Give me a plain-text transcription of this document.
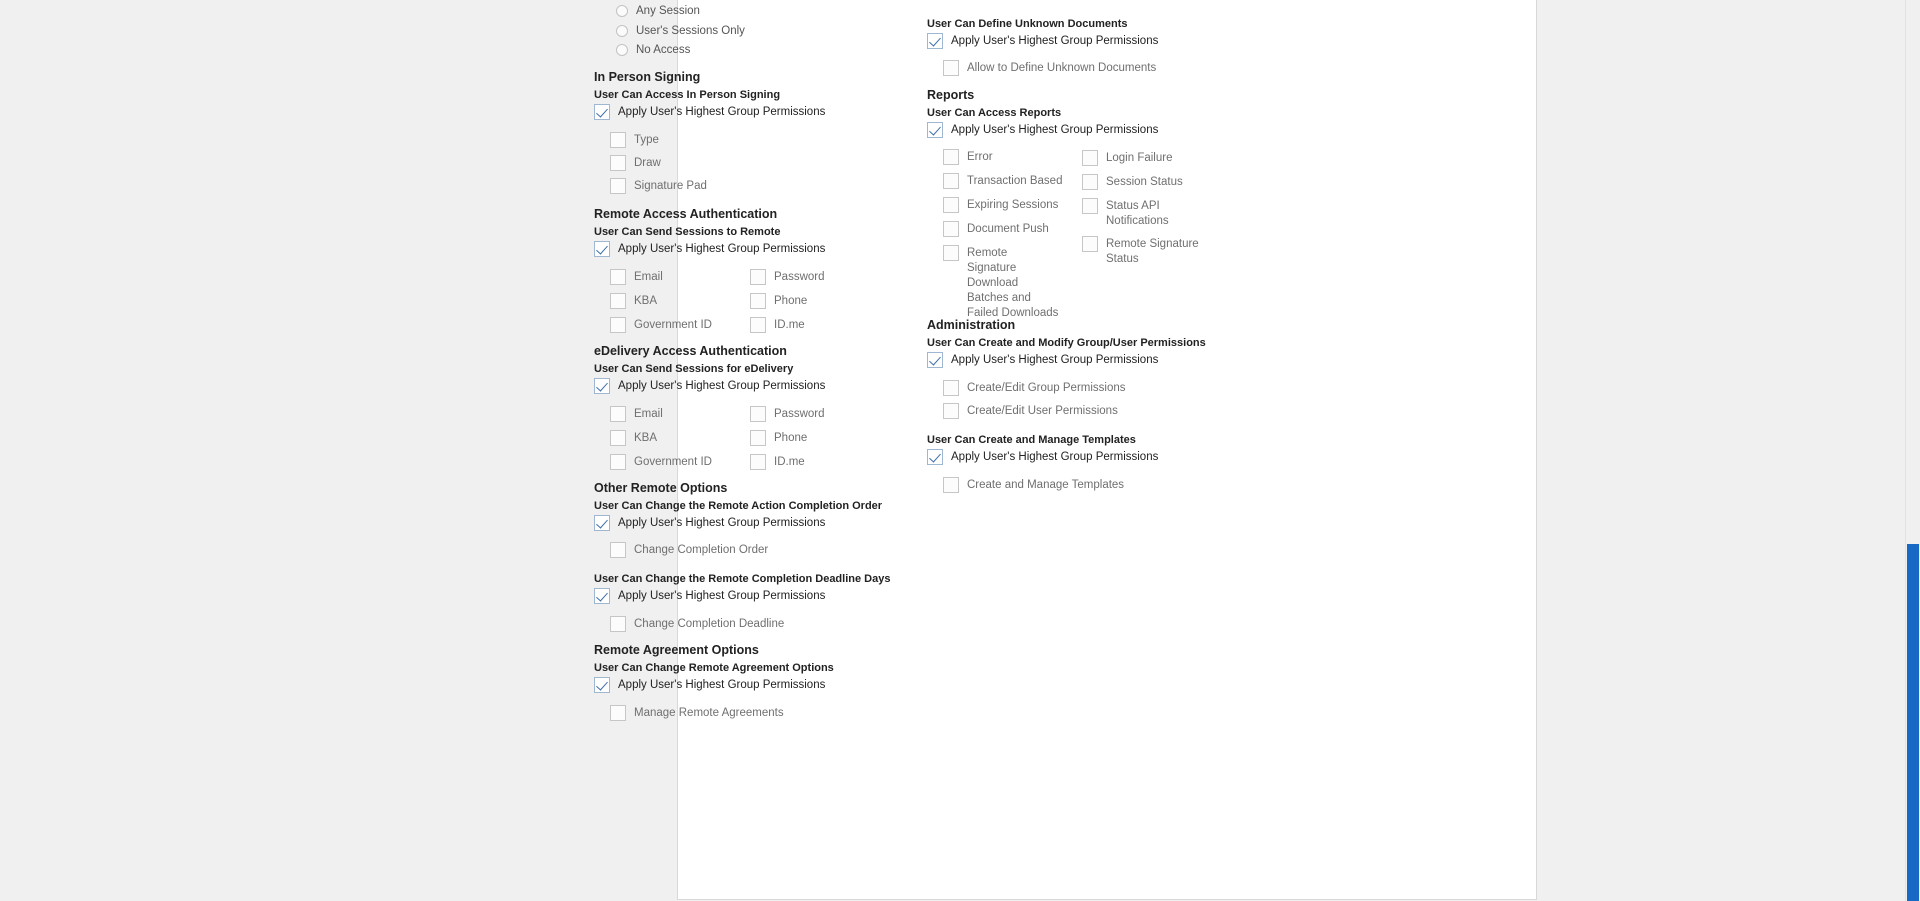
Any Session
User's Sessions Only
No Access
In Person Signing
User Can Access In Person Signing
Apply User's Highest Group Permissions
Type
Draw
Signature Pad
Remote Access Authentication
User Can Send Sessions to Remote
Apply User's Highest Group Permissions
Email
KBA
Government ID
Password
Phone
ID.me
eDelivery Access Authentication
User Can Send Sessions for eDelivery
Apply User's Highest Group Permissions
Email
KBA
Government ID
Password
Phone
ID.me
Other Remote Options
User Can Change the Remote Action Completion Order
Apply User's Highest Group Permissions
Change Completion Order
User Can Change the Remote Completion Deadline Days
Apply User's Highest Group Permissions
Change Completion Deadline
Remote Agreement Options
User Can Change Remote Agreement Options
Apply User's Highest Group Permissions
Manage Remote Agreements
User Can Define Unknown Documents
Apply User's Highest Group Permissions
Allow to Define Unknown Documents
Reports
User Can Access Reports
Apply User's Highest Group Permissions
Error
Transaction Based
Expiring Sessions
Document Push
Remote Signature Download Batches and Failed Downloads
Login Failure
Session Status
Status API Notifications
Remote Signature Status
Administration
User Can Create and Modify Group/User Permissions
Apply User's Highest Group Permissions
Create/Edit Group Permissions
Create/Edit User Permissions
User Can Create and Manage Templates
Apply User's Highest Group Permissions
Create and Manage Templates
